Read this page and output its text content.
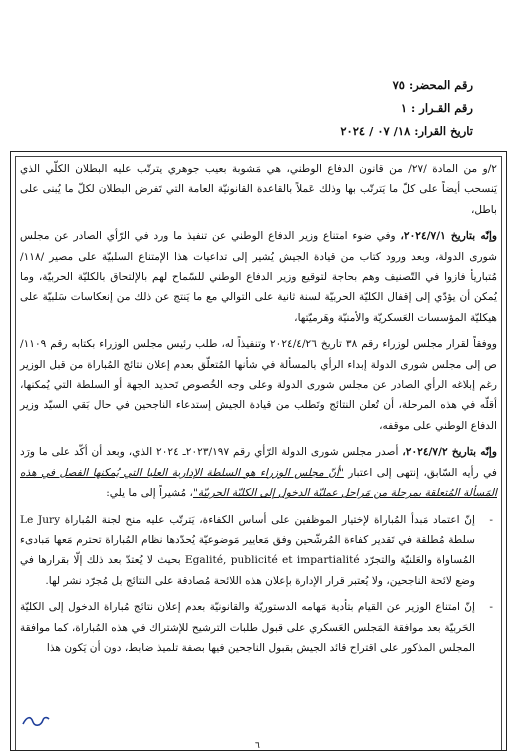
رقم المحضر: ٧٥
رقم القـرار : ١
تاريخ القرار: ١٨/ ٠٧ / ٢٠٢٤

٢/و من المادة /٢٧/ من قانون الدفاع الوطني، هي مَشوبة بعيب جوهري يترتّب عليه البطلان الكلّي الذي يَنسحب أيضاً على كلّ ما يَترتّب بها وذلك عَملاً بالقاعدة القانونيّة العامة التي تَفرض البطلان لكلّ ما يُبنى على باطل،

وإنّه بتاريخ ٢٠٢٤/٧/١، وفي ضوء امتناع وزير الدفاع الوطني عن تنفيذ ما ورد في الرّأي الصادر عن مجلس شورى الدولة، وبعد ورود كتاب من قيادة الجيش يُشير إلى تداعيات هذا الإمتناع السلبيّة على مصير /١١٨/ مُتباريأ فازوا في التّصنيف وهم بحاجة لتوقيع وزير الدفاع الوطني للسّماح لهم بالإلتحاق بالكليّة الحربيّة، وما يُمكن أن يؤدّي إلى إقفال الكليّة الحربيّة لسنة ثانية على التوالي مع ما يَنتج عن ذلك من إنعكاسات سَلبيّة على هيكليّة المؤسسات العَسكريّة والأمنيّة وهَرميّتها،

ووفقاً لقرار مجلس لوزراء رقم ٣٨ تاريخ ٢٠٢٤/٤/٢٦ وتنفيذاً له، طلب رئيس مجلس الوزراء بكتابه رقم ١١٠٩/ص إلى مجلس شورى الدولة إبداء الرأي بالمسألة في شأنها المُتعلّق بعدم إعلان نتائج المُباراة من قبل الوزير رغم إبلاغه الرأي الصادر عن مجلس شورى الدولة وعلى وجه الخُصوص تَحديد الجهة أو السلطة التي يُمكنها، أقلّه في هذه المرحلة، أن تُعلن النتائج وتَطلب من قيادة الجيش إستدعاء الناجحين في حال بَقي السيّد وزير الدفاع الوطني على موقفه،

وإنّه بتاريخ ٢٠٢٤/٧/٢، أصدر مجلس شورى الدولة الرّأي رقم ٢٠٢٣/١٩٧ـ ٢٠٢٤ الذي، وبعد أن أكّد على ما ورَد في رأيه السّابق، إنتهى إلى اعتبار "أنّ مجلس الوزراء هو السلطة الإدارية العليا التي يُمكنها الفصل في هذه المَسألة المُتعلقة بمرحلة من مَراحل عمليّة الدخول إلى الكليّة الحربيّة"، مُشيراً إلى ما يلي:

- إنّ اعتماد مَبدأ المُباراة لإختيار الموظفين على أساس الكفاءة، يَترتّب عليه منح لجنة المُباراة Le Jury سلطة مُطلقة في تَقدير كفاءة المُرشّحين وفق مَعايير مَوضوعيّة يُحدّدها نظام المُباراة تحترم مَعها مَبادىء المُساواة والعَلنيّة والتجرّد Egalité, publicité et impartialité بحيث لا يُعتدّ بعد ذلك إلّا بقرارها في وضع لائحة الناجحين، ولا يُعتبر قرار الإدارة بإعلان هذه اللائحة مُصادقة على النتائج بل مُجرّد نشر لها.

- إنّ امتناع الوزير عن القيام بتأدية مَهامه الدستوريّة والقانونيّة بعدم إعلان نتائج مُباراة الدخول إلى الكليّة الحَربيّة بعد موافقة المَجلس العَسكري على قبول طلبات الترشيح للإشتراك في هذه المُباراة، كما موافقة المجلس المذكور على اقتراح قائد الجيش بقبول الناجحين فيها بصفة تلميذ ضابط، دون أن يَكون هذا

٦
